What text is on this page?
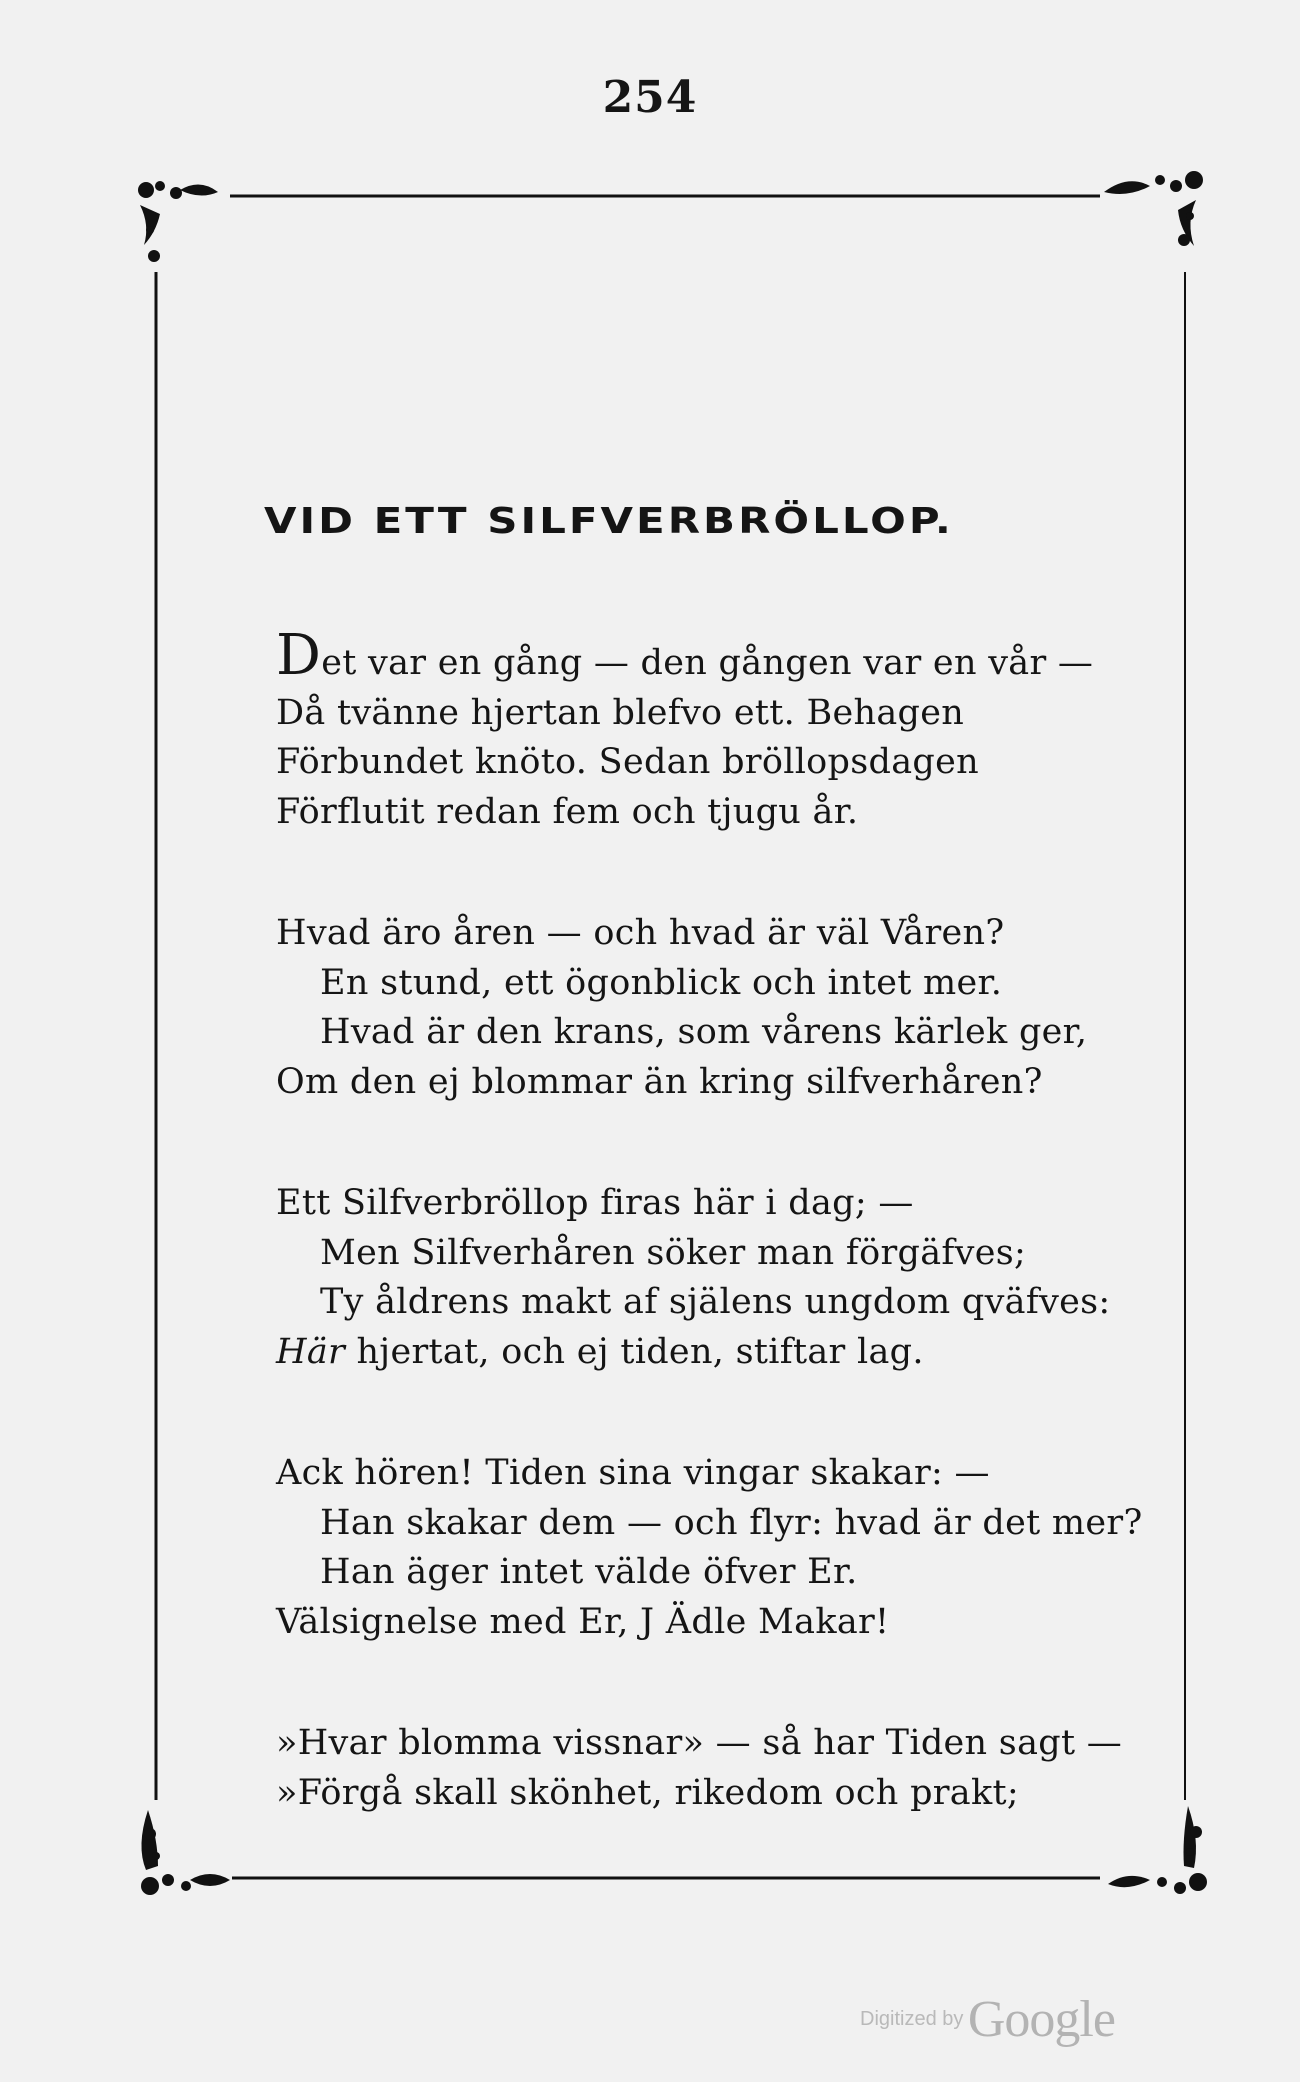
254
VID ETT SILFVERBRÖLLOP.
Det var en gång — den gången var en vår —
Då tvänne hjertan blefvo ett. Behagen
Förbundet knöto. Sedan bröllopsdagen
Förflutit redan fem och tjugu år.
Hvad äro åren — och hvad är väl Våren?
En stund, ett ögonblick och intet mer.
Hvad är den krans, som vårens kärlek ger,
Om den ej blommar än kring silfverhåren?
Ett Silfverbröllop firas här i dag; —
Men Silfverhåren söker man förgäfves;
Ty åldrens makt af själens ungdom qväfves:
Här hjertat, och ej tiden, stiftar lag.
Ack hören! Tiden sina vingar skakar: —
Han skakar dem — och flyr: hvad är det mer?
Han äger intet välde öfver Er.
Välsignelse med Er, J Ädle Makar!
»Hvar blomma vissnar» — så har Tiden sagt —
»Förgå skall skönhet, rikedom och prakt;
Digitized by Google
